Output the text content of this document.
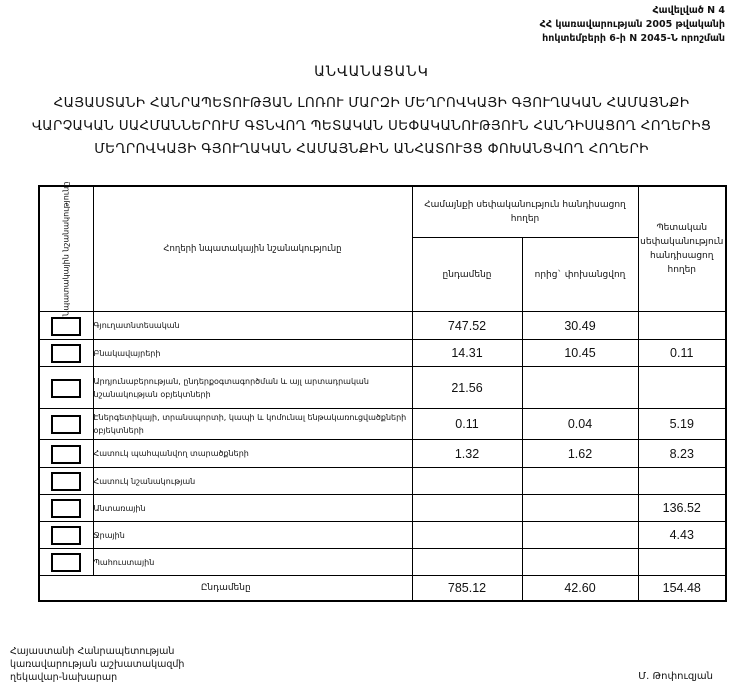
Հավելված N 4
ՀՀ կառավարության 2005 թվականի
հոկտեմբերի 6-ի N 2045-Ն որոշման
ԱՆՎԱՆԱՑԱՆԿ
ՀԱՅԱՍՏԱՆԻ ՀԱՆՐԱՊԵՏՈՒԹՅԱՆ ԼՈՌՈՒ ՄԱՐԶԻ ՄԵՂՐՈՎԿԱՅԻ ԳՅՈՒՂԱԿԱՆ ՀԱՄԱՅՆՔԻ
ՎԱՐՉԱԿԱՆ ՍԱՀՄԱՆՆԵՐՈՒՄ ԳՏՆՎՈՂ ՊԵՏԱԿԱՆ ՍԵՓԱԿԱՆՈՒԹՅՈՒՆ ՀԱՆԴԻՍԱՑՈՂ ՀՈՂԵՐԻՑ
ՄԵՂՐՈՎԿԱՅԻ ԳՅՈՒՂԱԿԱՆ ՀԱՄԱՅՆՔԻՆ ԱՆՀԱՏՈՒՅՑ ՓՈԽԱՆՑՎՈՂ ՀՈՂԵՐԻ
Նպատակային նշանակությունը	Հողերի նպատակային նշանակությունը	Համայնքի սեփականություն հանդիսացող հողեր		Պետական սեփականություն հանդիսացող հողեր
		ընդամենը	որից` փոխանցվող	
	Գյուղատնտեսական	747.52	30.49	
	Բնակավայրերի	14.31	10.45	0.11
	Արդյունաբերության, ընդերքօգտագործման և այլ արտադրական նշանակության օբյեկտների	21.56		
	Էներգետիկայի, տրանսպորտի, կապի և կոմունալ ենթակառուցվածքների օբյեկտների	0.11	0.04	5.19
	Հատուկ պահպանվող տարածքների	1.32	1.62	8.23
	Հատուկ նշանակության			
	Անտառային			136.52
	Ջրային			4.43
	Պահուստային			
Ընդամենը		785.12	42.60	154.48
Հայաստանի Հանրապետության
կառավարության աշխատակազմի
ղեկավար-նախարար	Մ. Թոփուզյան
